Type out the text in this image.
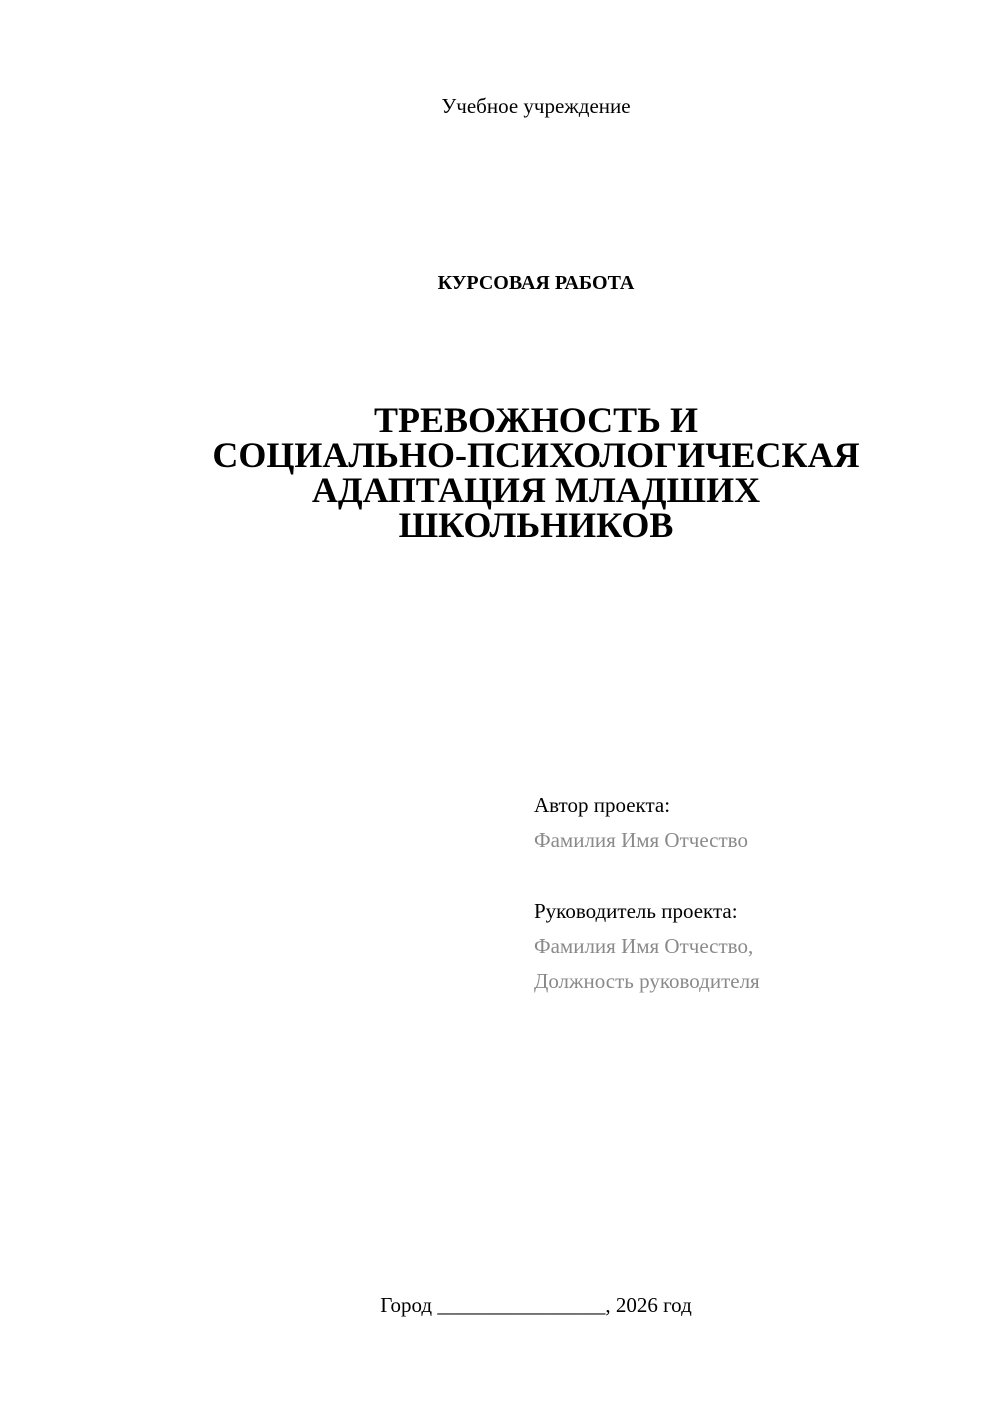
Учебное учреждение
КУРСОВАЯ РАБОТА
ТРЕВОЖНОСТЬ И
СОЦИАЛЬНО-ПСИХОЛОГИЧЕСКАЯ
АДАПТАЦИЯ МЛАДШИХ
ШКОЛЬНИКОВ
Автор проекта:
Фамилия Имя Отчество
Руководитель проекта:
Фамилия Имя Отчество,
Должность руководителя
Город ________________, 2026 год
